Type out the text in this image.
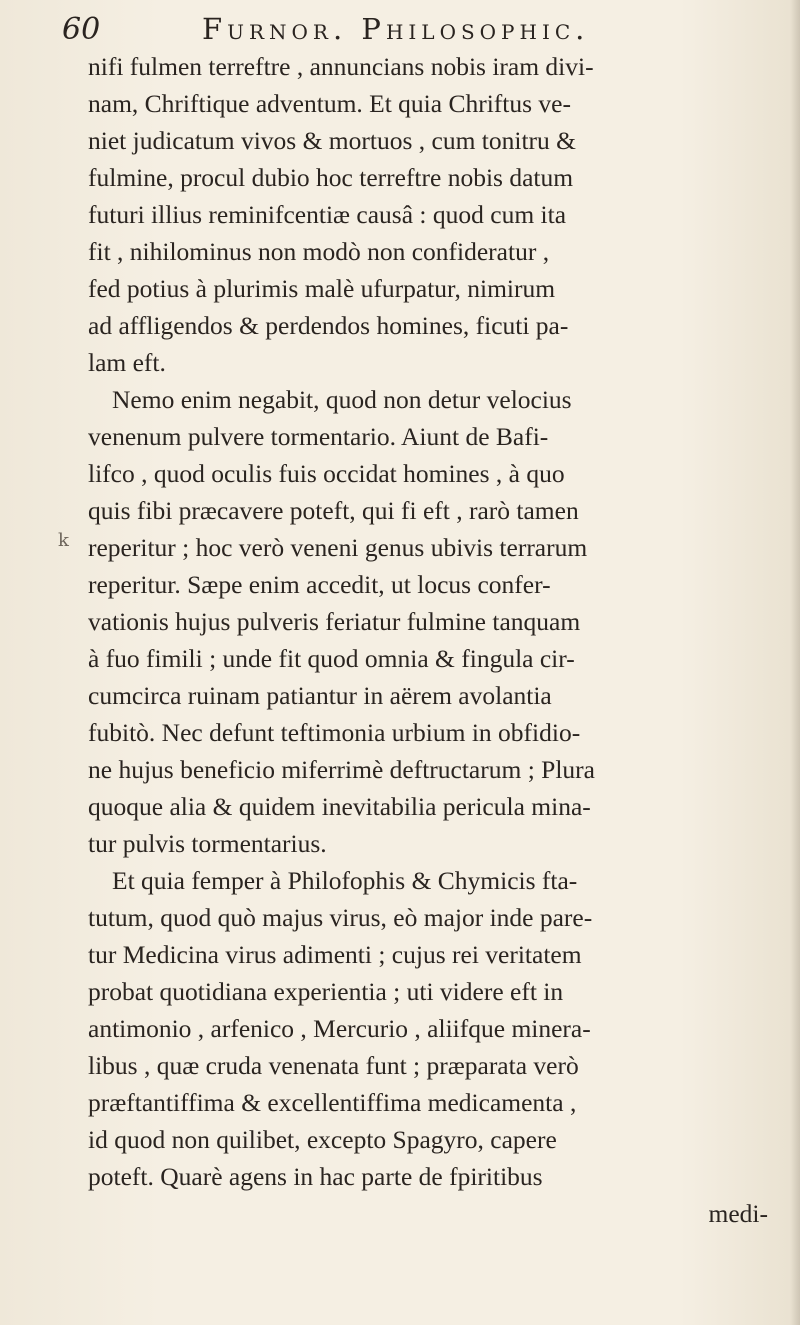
60	Furnor. Philosophic.
k
nifi fulmen terreftre , annuncians nobis iram divi-
nam, Chriftique adventum. Et quia Chriftus ve-
niet judicatum vivos & mortuos , cum tonitru &
fulmine, procul dubio hoc terreftre nobis datum
futuri illius reminifcentiæ causâ : quod cum ita
fit , nihilominus non modò non confideratur ,
fed potius à plurimis malè ufurpatur, nimirum
ad affligendos & perdendos homines, ficuti pa-
lam eft.
Nemo enim negabit, quod non detur velocius
venenum pulvere tormentario. Aiunt de Bafi-
lifco , quod oculis fuis occidat homines , à quo
quis fibi præcavere poteft, qui fi eft , rarò tamen
reperitur ; hoc verò veneni genus ubivis terrarum
reperitur. Sæpe enim accedit, ut locus confer-
vationis hujus pulveris feriatur fulmine tanquam
à fuo fimili ; unde fit quod omnia & fingula cir-
cumcirca ruinam patiantur in aërem avolantia
fubitò. Nec defunt teftimonia urbium in obfidio-
ne hujus beneficio miferrimè deftructarum ; Plura
quoque alia & quidem inevitabilia pericula mina-
tur pulvis tormentarius.
Et quia femper à Philofophis & Chymicis fta-
tutum, quod quò majus virus, eò major inde pare-
tur Medicina virus adimenti ; cujus rei veritatem
probat quotidiana experientia ; uti videre eft in
antimonio , arfenico , Mercurio , aliifque minera-
libus , quæ cruda venenata funt ; præparata verò
præftantiffima & excellentiffima medicamenta ,
id quod non quilibet, excepto Spagyro, capere
poteft. Quarè agens in hac parte de fpiritibus
medi-
